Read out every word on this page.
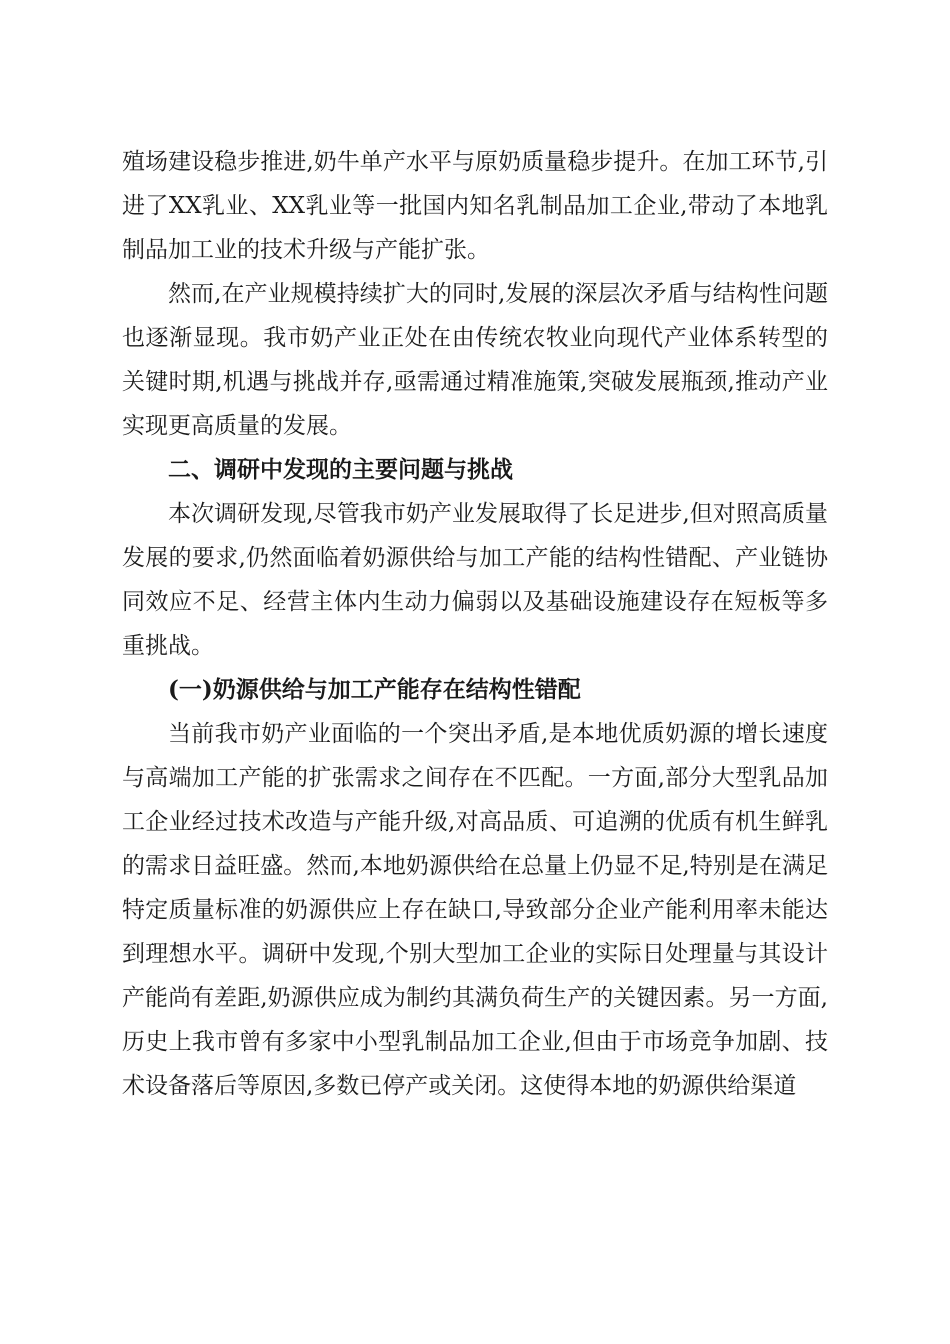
殖场建设稳步推进,奶牛单产水平与原奶质量稳步提升。在加工环节,引进了XX乳业、XX乳业等一批国内知名乳制品加工企业,带动了本地乳制品加工业的技术升级与产能扩张。

然而,在产业规模持续扩大的同时,发展的深层次矛盾与结构性问题也逐渐显现。我市奶产业正处在由传统农牧业向现代产业体系转型的关键时期,机遇与挑战并存,亟需通过精准施策,突破发展瓶颈,推动产业实现更高质量的发展。

二、调研中发现的主要问题与挑战

本次调研发现,尽管我市奶产业发展取得了长足进步,但对照高质量发展的要求,仍然面临着奶源供给与加工产能的结构性错配、产业链协同效应不足、经营主体内生动力偏弱以及基础设施建设存在短板等多重挑战。

(一)奶源供给与加工产能存在结构性错配

当前我市奶产业面临的一个突出矛盾,是本地优质奶源的增长速度与高端加工产能的扩张需求之间存在不匹配。一方面,部分大型乳品加工企业经过技术改造与产能升级,对高品质、可追溯的优质有机生鲜乳的需求日益旺盛。然而,本地奶源供给在总量上仍显不足,特别是在满足特定质量标准的奶源供应上存在缺口,导致部分企业产能利用率未能达到理想水平。调研中发现,个别大型加工企业的实际日处理量与其设计产能尚有差距,奶源供应成为制约其满负荷生产的关键因素。另一方面,历史上我市曾有多家中小型乳制品加工企业,但由于市场竞争加剧、技术设备落后等原因,多数已停产或关闭。这使得本地的奶源供给渠道
